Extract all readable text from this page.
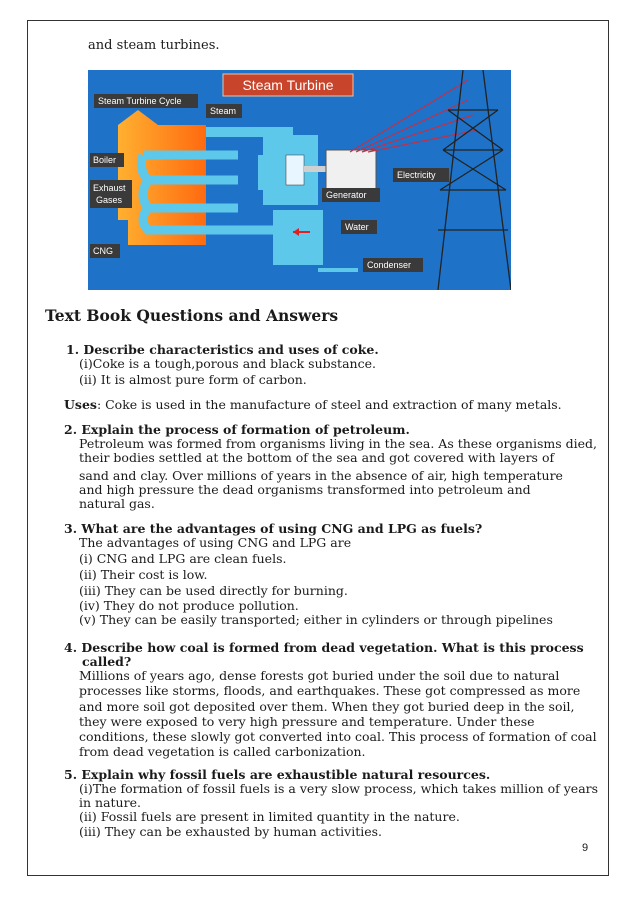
and steam turbines.
Steam Turbine
Steam Turbine Cycle
Steam
Boiler
Exhaust
Gases
CNG
Generator
Electricity
Water
Condenser
Text Book Questions and Answers
1. Describe characteristics and uses of coke.
(i)Coke is a tough,porous and black substance.
(ii) It is almost pure form of carbon.
Uses: Coke is used in the manufacture of steel and extraction of many metals.
2. Explain the process of formation of petroleum.
Petroleum was formed from organisms living in the sea. As these organisms died,
their bodies settled at the bottom of the sea and got covered with layers of
sand and clay. Over millions of years in the absence of air, high temperature
and high pressure the dead organisms transformed into petroleum and
natural gas.
3. What are the advantages of using CNG and LPG as fuels?
The advantages of using CNG and LPG are
(i) CNG and LPG are clean fuels.
(ii) Their cost is low.
(iii) They can be used directly for burning.
(iv) They do not produce pollution.
(v) They can be easily transported; either in cylinders or through pipelines
4. Describe how coal is formed from dead vegetation. What is this process
called?
Millions of years ago, dense forests got buried under the soil due to natural
processes like storms, floods, and earthquakes. These got compressed as more
and more soil got deposited over them. When they got buried deep in the soil,
they were exposed to very high pressure and temperature. Under these
conditions, these slowly got converted into coal. This process of formation of coal
from dead vegetation is called carbonization.
5. Explain why fossil fuels are exhaustible natural resources.
(i)The formation of fossil fuels is a very slow process, which takes million of years
in nature.
(ii) Fossil fuels are present in limited quantity in the nature.
(iii) They can be exhausted by human activities.
9
